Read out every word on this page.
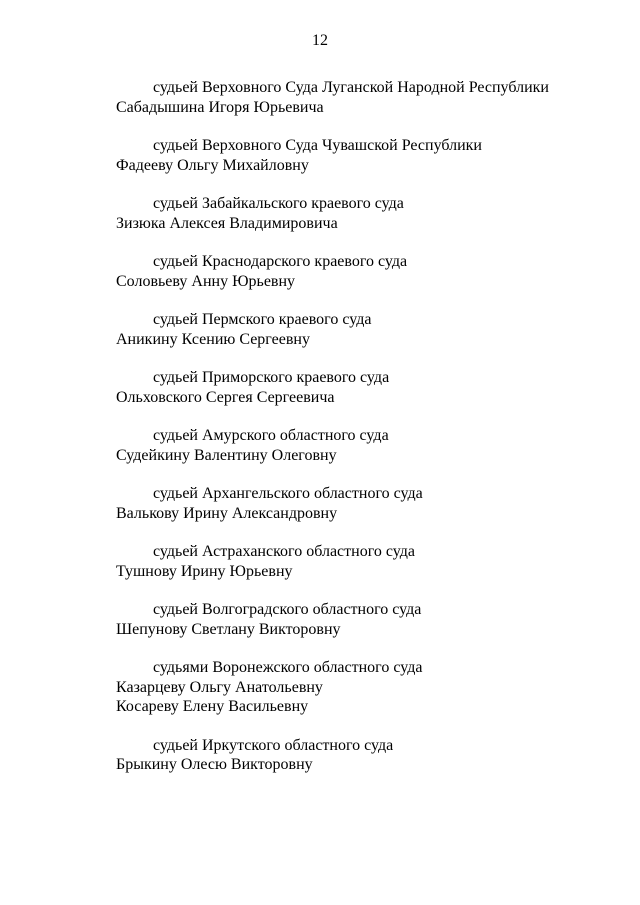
12
судьей Верховного Суда Луганской Народной Республики
Сабадышина Игоря Юрьевича
судьей Верховного Суда Чувашской Республики
Фадееву Ольгу Михайловну
судьей Забайкальского краевого суда
Зизюка Алексея Владимировича
судьей Краснодарского краевого суда
Соловьеву Анну Юрьевну
судьей Пермского краевого суда
Аникину Ксению Сергеевну
судьей Приморского краевого суда
Ольховского Сергея Сергеевича
судьей Амурского областного суда
Судейкину Валентину Олеговну
судьей Архангельского областного суда
Валькову Ирину Александровну
судьей Астраханского областного суда
Тушнову Ирину Юрьевну
судьей Волгоградского областного суда
Шепунову Светлану Викторовну
судьями Воронежского областного суда
Казарцеву Ольгу Анатольевну
Косареву Елену Васильевну
судьей Иркутского областного суда
Брыкину Олесю Викторовну
